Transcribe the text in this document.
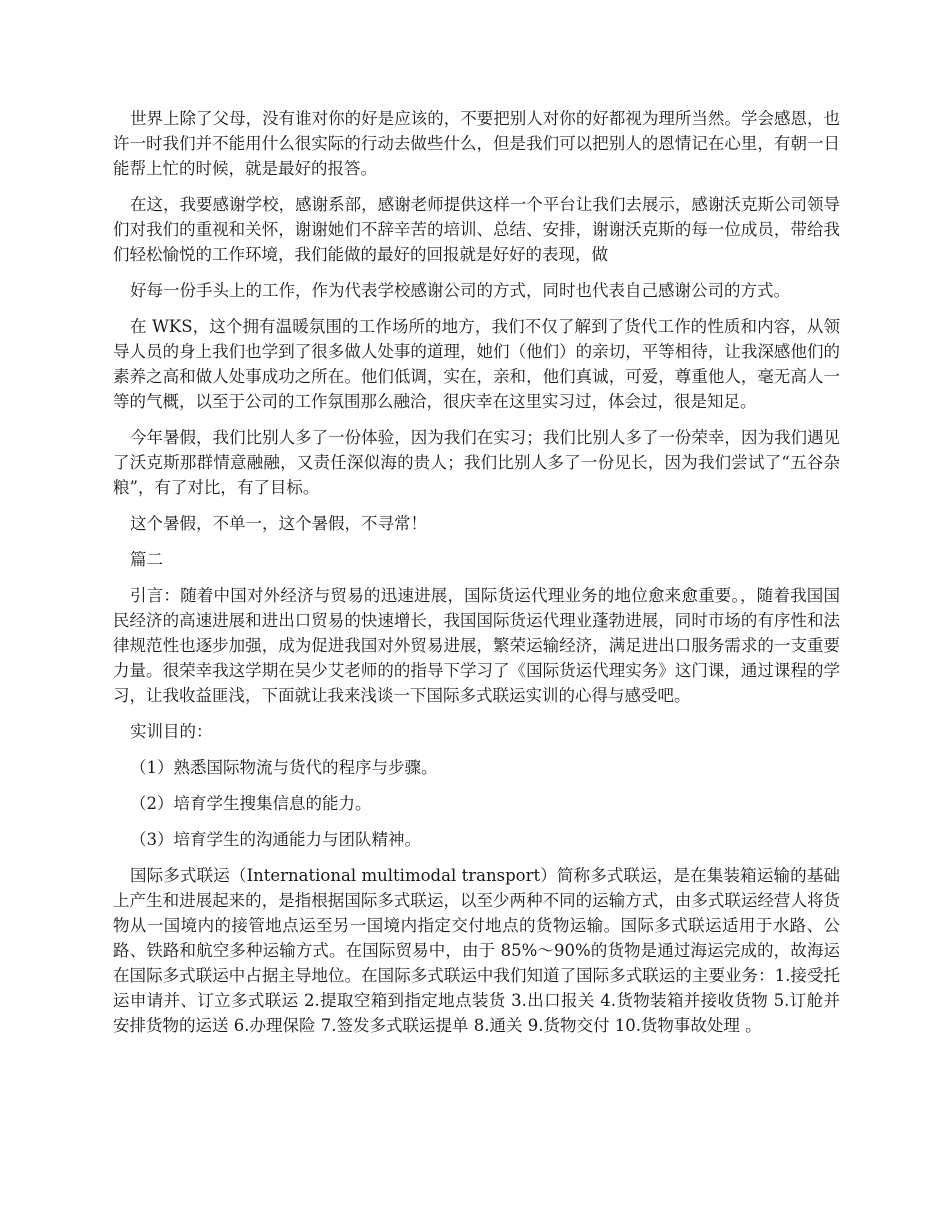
世界上除了父母，没有谁对你的好是应该的，不要把别人对你的好都视为理所当然。学会感恩，也许一时我们并不能用什么很实际的行动去做些什么，但是我们可以把别人的恩情记在心里，有朝一日能帮上忙的时候，就是最好的报答。

在这，我要感谢学校，感谢系部，感谢老师提供这样一个平台让我们去展示，感谢沃克斯公司领导们对我们的重视和关怀，谢谢她们不辞辛苦的培训、总结、安排，谢谢沃克斯的每一位成员，带给我们轻松愉悦的工作环境，我们能做的最好的回报就是好好的表现，做

好每一份手头上的工作，作为代表学校感谢公司的方式，同时也代表自己感谢公司的方式。

在 WKS，这个拥有温暖氛围的工作场所的地方，我们不仅了解到了货代工作的性质和内容，从领导人员的身上我们也学到了很多做人处事的道理，她们（他们）的亲切，平等相待，让我深感他们的素养之高和做人处事成功之所在。他们低调，实在，亲和，他们真诚，可爱，尊重他人，毫无高人一等的气概，以至于公司的工作氛围那么融洽，很庆幸在这里实习过，体会过，很是知足。

今年暑假，我们比别人多了一份体验，因为我们在实习；我们比别人多了一份荣幸，因为我们遇见了沃克斯那群情意融融，又责任深似海的贵人；我们比别人多了一份见长，因为我们尝试了“五谷杂粮”，有了对比，有了目标。

这个暑假，不单一，这个暑假，不寻常！

篇二

引言：随着中国对外经济与贸易的迅速进展，国际货运代理业务的地位愈来愈重要。，随着我国国民经济的高速进展和进出口贸易的快速增长，我国国际货运代理业蓬勃进展，同时市场的有序性和法律规范性也逐步加强，成为促进我国对外贸易进展，繁荣运输经济，满足进出口服务需求的一支重要力量。很荣幸我这学期在吴少艾老师的的指导下学习了《国际货运代理实务》这门课，通过课程的学习，让我收益匪浅，下面就让我来浅谈一下国际多式联运实训的心得与感受吧。

实训目的：

（1）熟悉国际物流与货代的程序与步骤。

（2）培育学生搜集信息的能力。

（3）培育学生的沟通能力与团队精神。

国际多式联运（International multimodal transport）简称多式联运，是在集装箱运输的基础上产生和进展起来的，是指根据国际多式联运，以至少两种不同的运输方式，由多式联运经营人将货物从一国境内的接管地点运至另一国境内指定交付地点的货物运输。国际多式联运适用于水路、公路、铁路和航空多种运输方式。在国际贸易中，由于 85%～90%的货物是通过海运完成的，故海运在国际多式联运中占据主导地位。在国际多式联运中我们知道了国际多式联运的主要业务：1.接受托运申请并、订立多式联运 2.提取空箱到指定地点装货 3.出口报关 4.货物装箱并接收货物 5.订舱并安排货物的运送 6.办理保险 7.签发多式联运提单 8.通关 9.货物交付 10.货物事故处理 。
